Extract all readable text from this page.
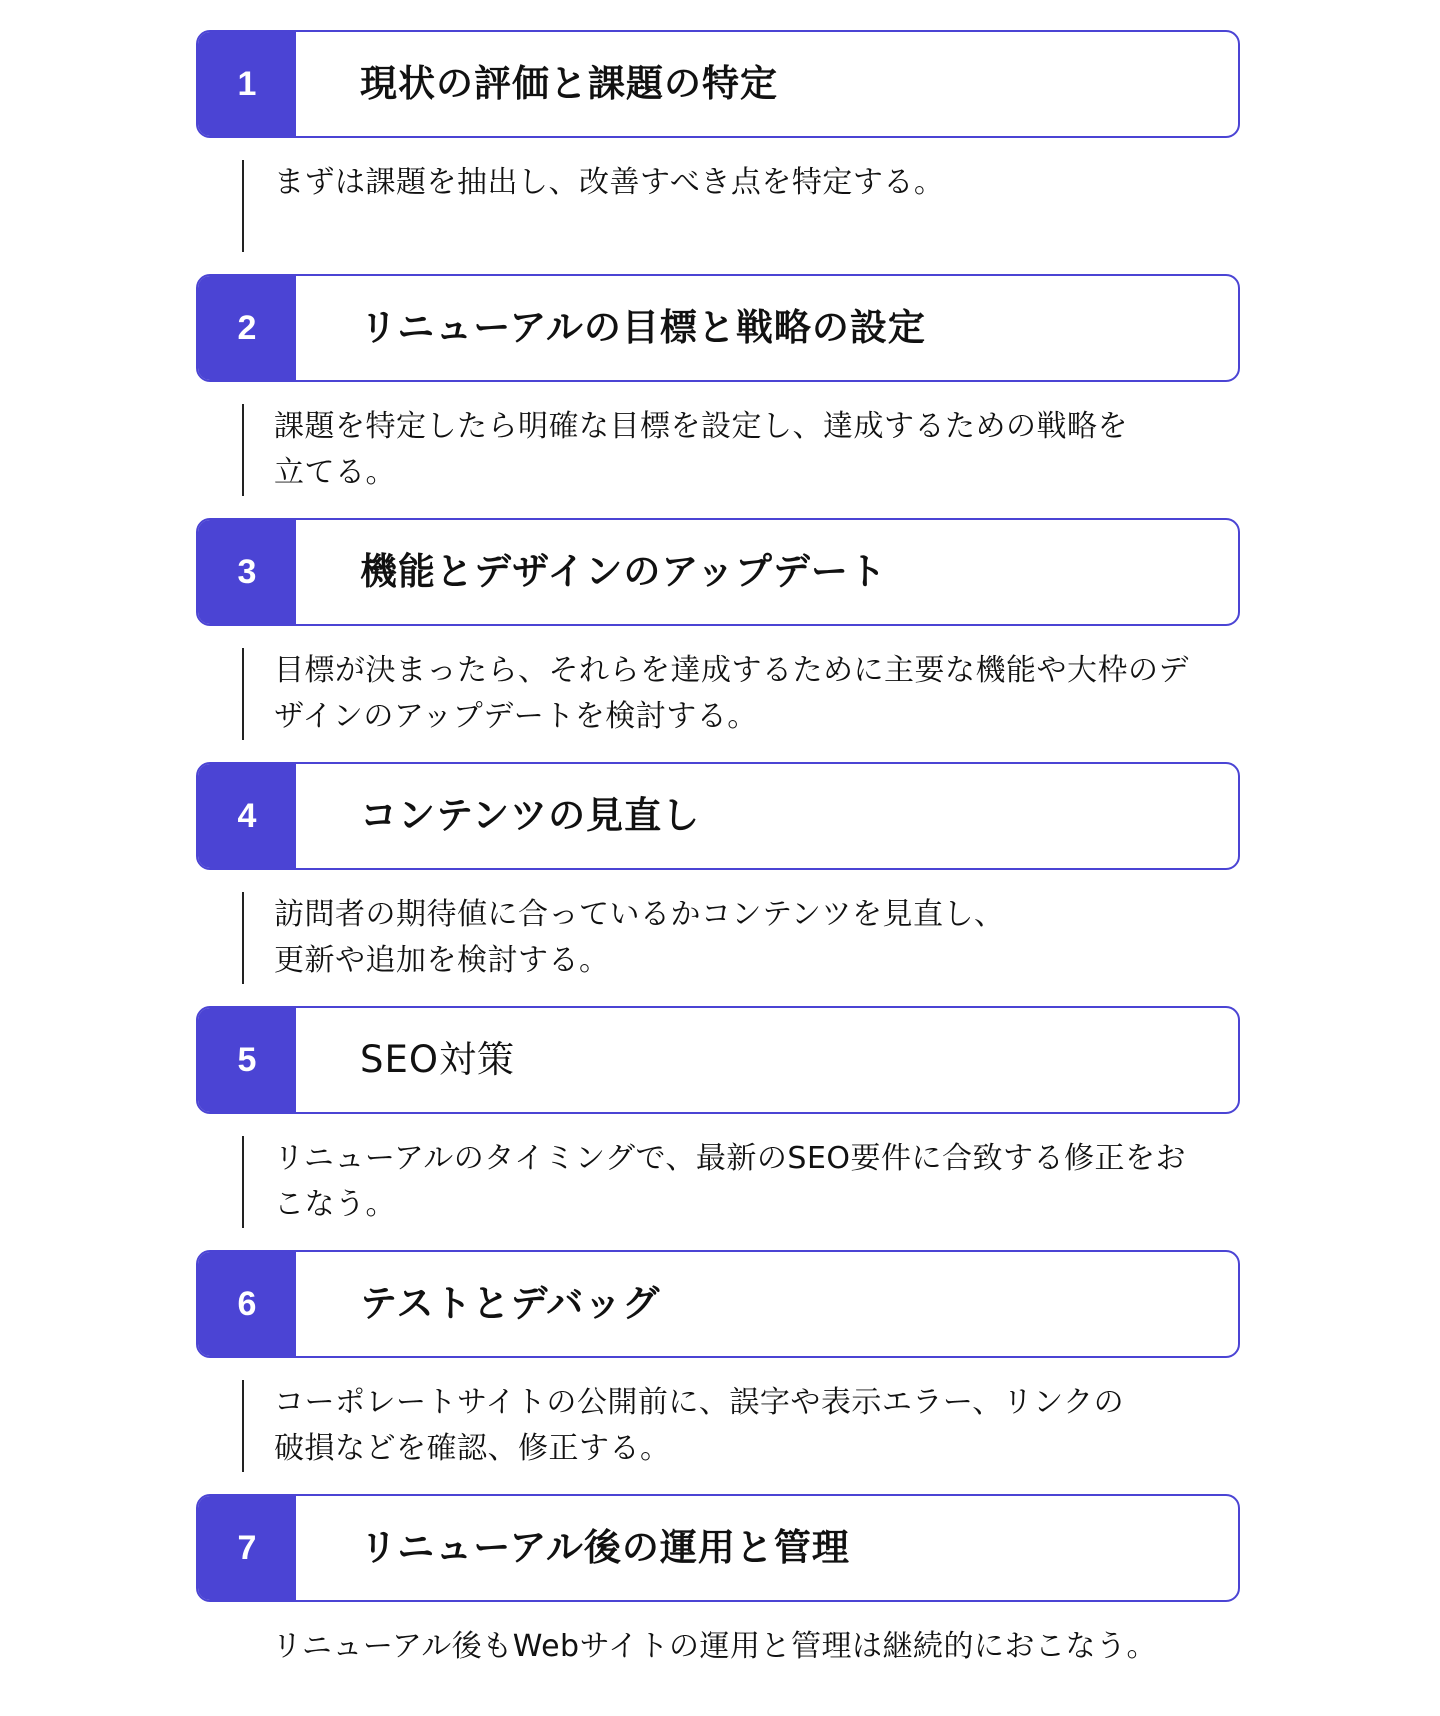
1	現状の評価と課題の特定

まずは課題を抽出し、改善すべき点を特定する。

2	リニューアルの目標と戦略の設定

課題を特定したら明確な目標を設定し、達成するための戦略を立てる。

3	機能とデザインのアップデート

目標が決まったら、それらを達成するために主要な機能や大枠のデザインのアップデートを検討する。

4	コンテンツの見直し

訪問者の期待値に合っているかコンテンツを見直し、
更新や追加を検討する。

5	SEO対策

リニューアルのタイミングで、最新のSEO要件に合致する修正をおこなう。

6	テストとデバッグ

コーポレートサイトの公開前に、誤字や表示エラー、リンクの
破損などを確認、修正する。

7	リニューアル後の運用と管理

リニューアル後もWebサイトの運用と管理は継続的におこなう。
